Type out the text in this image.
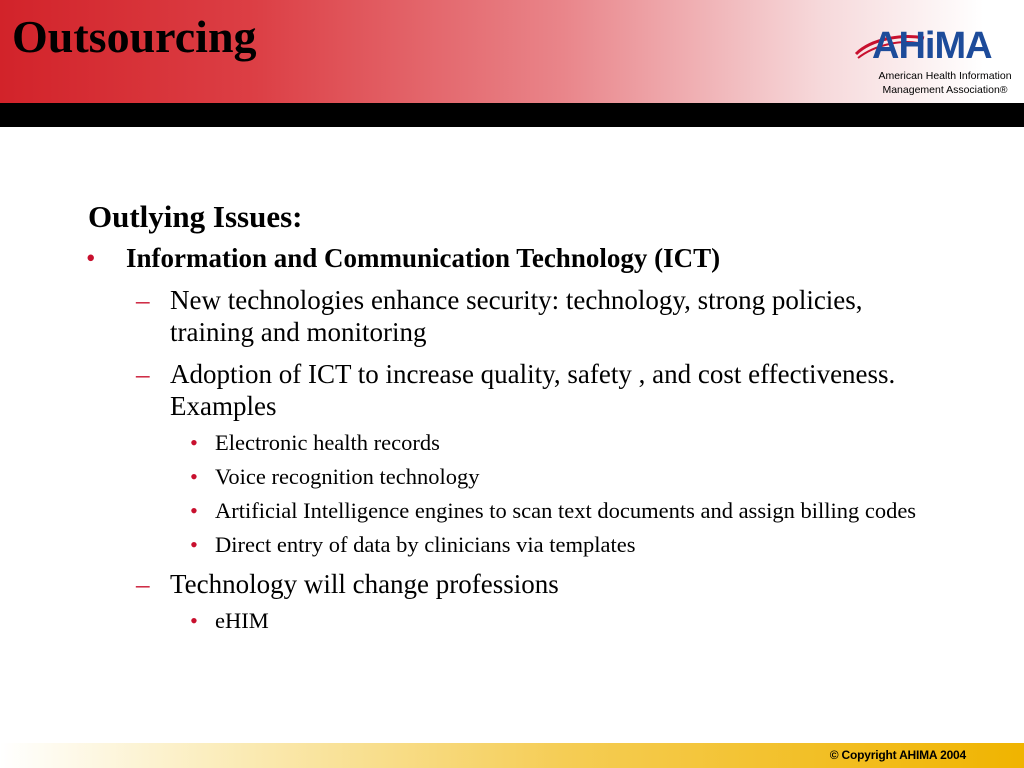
Outsourcing	AHiMA
American Health Information
Management Association®
Outlying Issues:
• Information and Communication Technology (ICT)
– New technologies enhance security: technology, strong policies, training and monitoring
– Adoption of ICT to increase quality, safety , and cost effectiveness. Examples
• Electronic health records
• Voice recognition technology
• Artificial Intelligence engines to scan text documents and assign billing codes
• Direct entry of data by clinicians via templates
– Technology will change professions
• eHIM
© Copyright AHIMA 2004
